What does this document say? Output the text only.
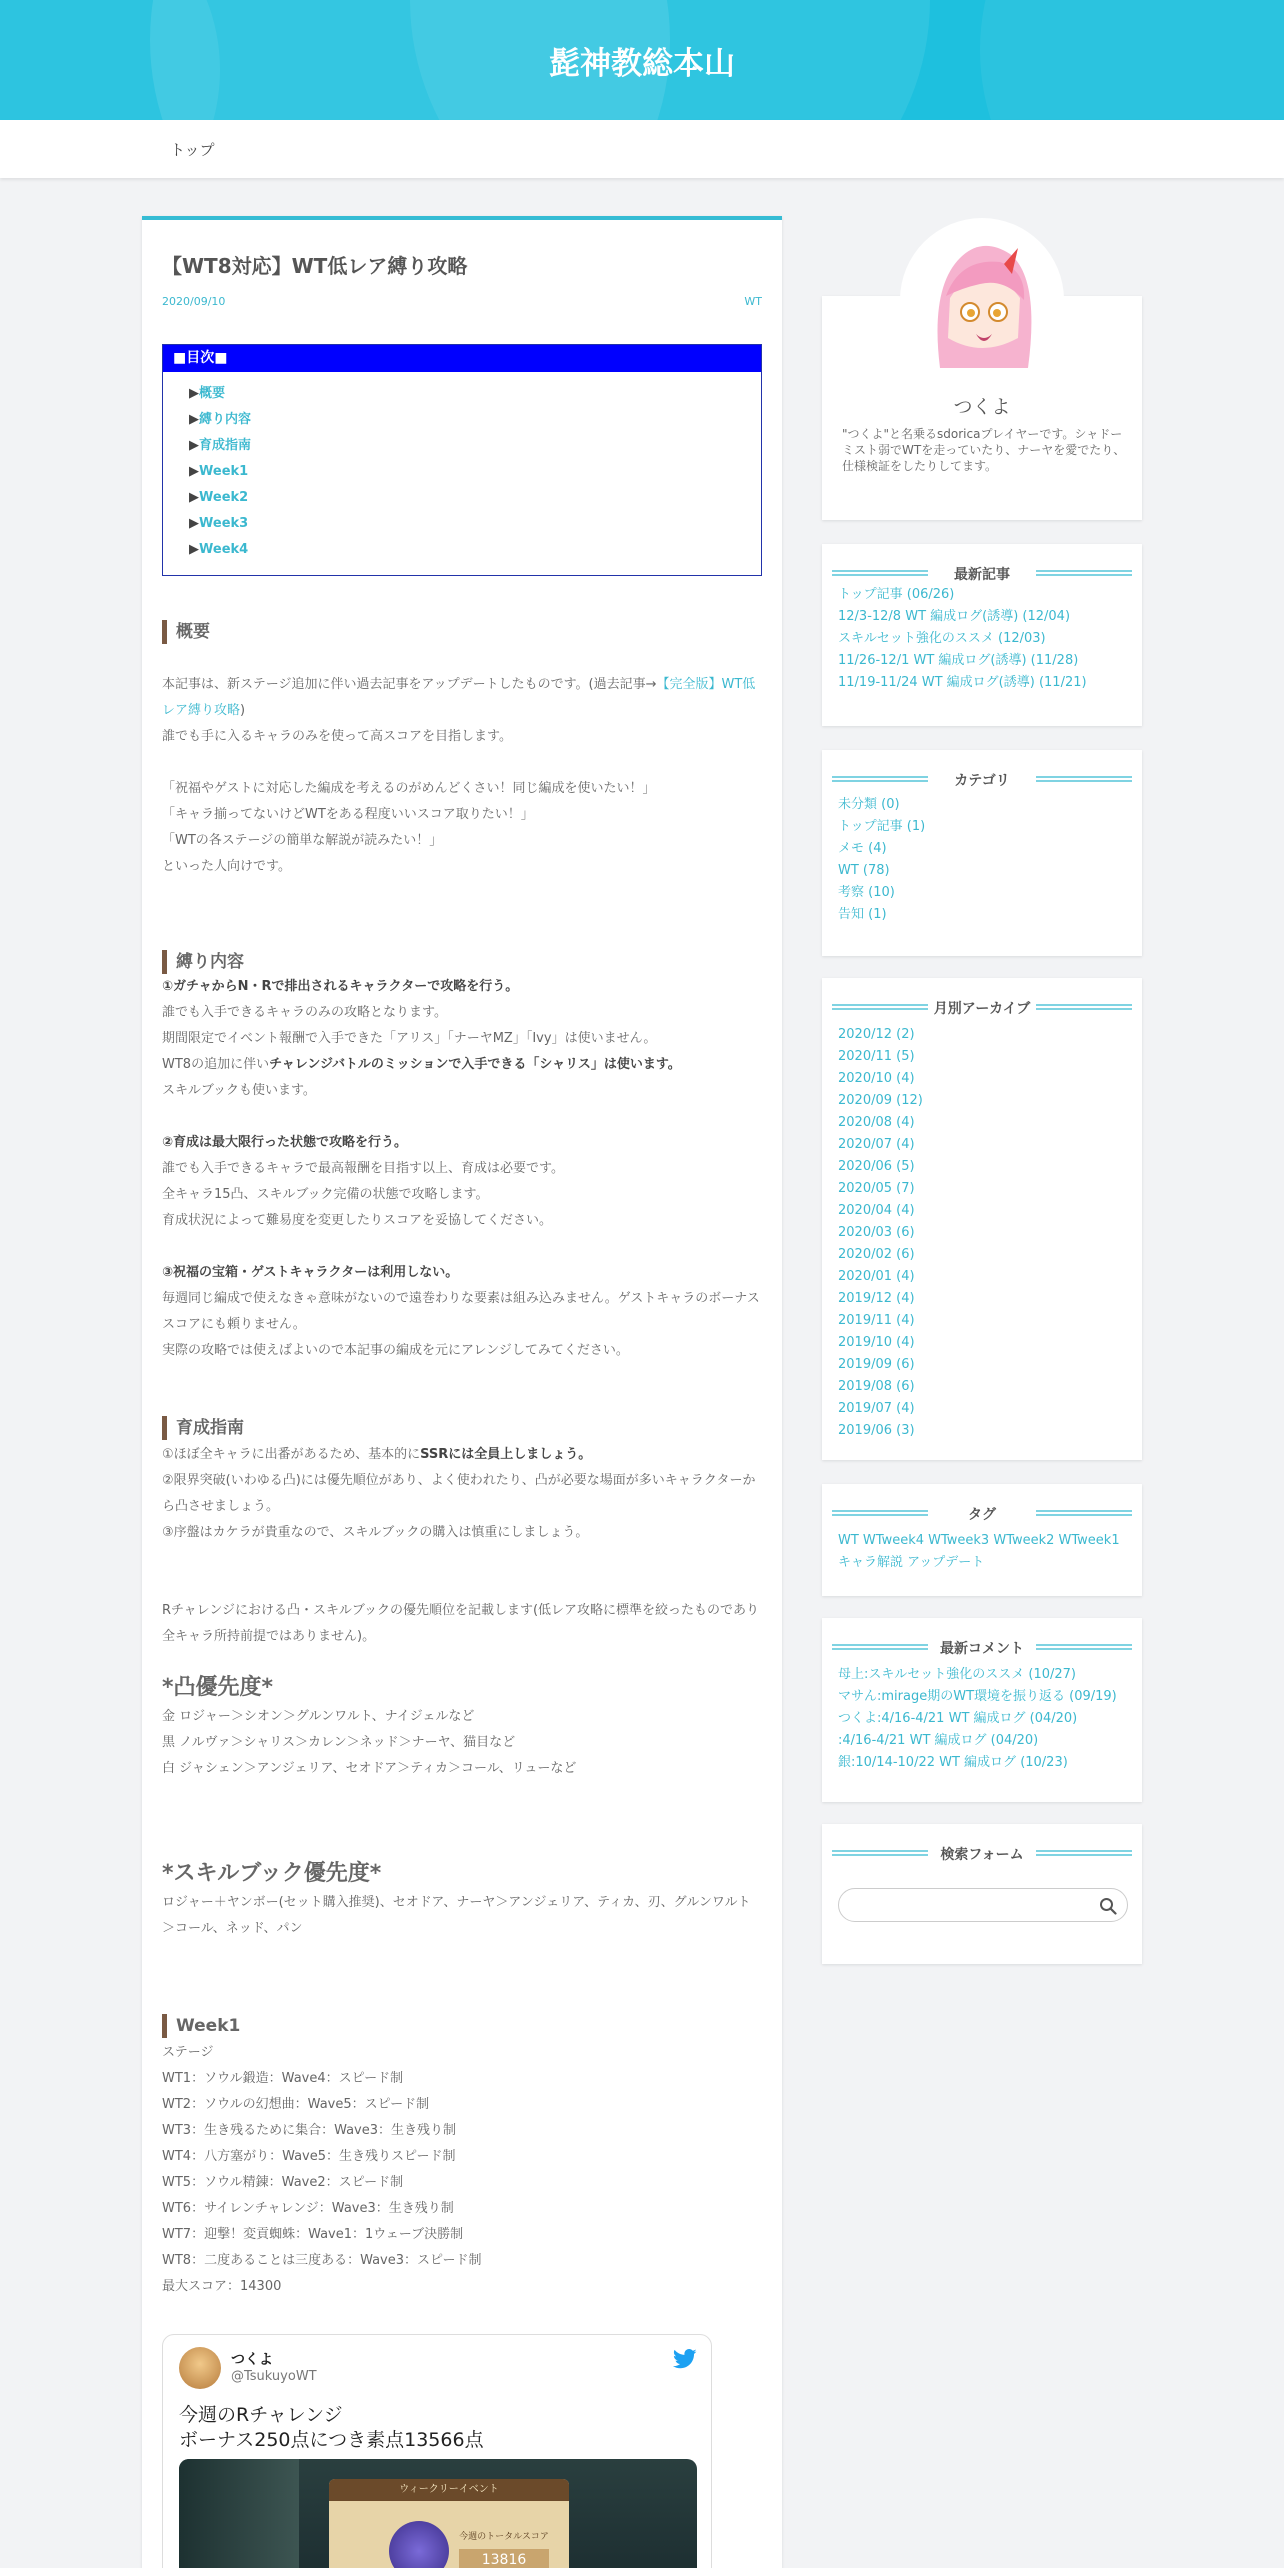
髭神教総本山
トップ
【WT8対応】WT低レア縛り攻略
2020/09/10	WT
■目次■
▶概要
▶縛り内容
▶育成指南
▶Week1
▶Week2
▶Week3
▶Week4
概要
本記事は、新ステージ追加に伴い過去記事をアップデートしたものです。(過去記事→【完全版】WT低レア縛り攻略)
誰でも手に入るキャラのみを使って高スコアを目指します。
「祝福やゲストに対応した編成を考えるのがめんどくさい！同じ編成を使いたい！」
「キャラ揃ってないけどWTをある程度いいスコア取りたい！」
「WTの各ステージの簡単な解説が読みたい！」
といった人向けです。
縛り内容
①ガチャからN・Rで排出されるキャラクターで攻略を行う。
誰でも入手できるキャラのみの攻略となります。
期間限定でイベント報酬で入手できた「アリス」「ナーヤMZ」「Ivy」は使いません。
WT8の追加に伴いチャレンジバトルのミッションで入手できる「シャリス」は使います。
スキルブックも使います。

②育成は最大限行った状態で攻略を行う。
誰でも入手できるキャラで最高報酬を目指す以上、育成は必要です。
全キャラ15凸、スキルブック完備の状態で攻略します。
育成状況によって難易度を変更したりスコアを妥協してください。

③祝福の宝箱・ゲストキャラクターは利用しない。
毎週同じ編成で使えなきゃ意味がないので遠巻わりな要素は組み込みません。ゲストキャラのボーナススコアにも頼りません。
実際の攻略では使えばよいので本記事の編成を元にアレンジしてみてください。
育成指南
①ほぼ全キャラに出番があるため、基本的にSSRには全員上しましょう。
②限界突破(いわゆる凸)には優先順位があり、よく使われたり、凸が必要な場面が多いキャラクターから凸させましょう。
③序盤はカケラが貴重なので、スキルブックの購入は慎重にしましょう。
Rチャレンジにおける凸・スキルブックの優先順位を記載します(低レア攻略に標準を絞ったものであり全キャラ所持前提ではありません)。
*凸優先度*
金 ロジャー＞シオン＞グルンワルト、ナイジェルなど
黒 ノルヴァ＞シャリス＞カレン＞ネッド＞ナーヤ、猫目など
白 ジャシェン＞アンジェリア、セオドア＞ティカ＞コール、リューなど
*スキルブック優先度*
ロジャー＋ヤンボー(セット購入推奨)、セオドア、ナーヤ＞アンジェリア、ティカ、刃、グルンワルト＞コール、ネッド、パン
Week1
ステージ
WT1：ソウル鍛造：Wave4：スピード制
WT2：ソウルの幻想曲：Wave5：スピード制
WT3：生き残るために集合：Wave3：生き残り制
WT4：八方塞がり：Wave5：生き残りスピード制
WT5：ソウル精錬：Wave2：スピード制
WT6：サイレンチャレンジ：Wave3：生き残り制
WT7：迎撃！変貢蜘蛛：Wave1：1ウェーブ決勝制
WT8：二度あることは三度ある：Wave3：スピード制
最大スコア：14300
つくよ
@TsukuyoWT
今週のRチャレンジ
ボーナス250点につき素点13566点
ウィークリーイベント
今週のトータルスコア
13816
つくよ
"つくよ"と名乗るsdoricaプレイヤーです。シャドーミスト弱でWTを走っていたり、ナーヤを愛でたり、仕様検証をしたりしてます。
最新記事
トップ記事 (06/26)
12/3-12/8 WT 編成ログ(誘導) (12/04)
スキルセット強化のススメ (12/03)
11/26-12/1 WT 編成ログ(誘導) (11/28)
11/19-11/24 WT 編成ログ(誘導) (11/21)
カテゴリ
未分類 (0)
トップ記事 (1)
メモ (4)
WT (78)
考察 (10)
告知 (1)
月別アーカイブ
2020/12 (2)
2020/11 (5)
2020/10 (4)
2020/09 (12)
2020/08 (4)
2020/07 (4)
2020/06 (5)
2020/05 (7)
2020/04 (4)
2020/03 (6)
2020/02 (6)
2020/01 (4)
2019/12 (4)
2019/11 (4)
2019/10 (4)
2019/09 (6)
2019/08 (6)
2019/07 (4)
2019/06 (3)
タグ
WT WTweek4 WTweek3 WTweek2 WTweek1 キャラ解説 アップデート
最新コメント
母上:スキルセット強化のススメ (10/27)
マサん:mirage期のWT環境を振り返る (09/19)
つくよ:4/16-4/21 WT 編成ログ (04/20)
:4/16-4/21 WT 編成ログ (04/20)
銀:10/14-10/22 WT 編成ログ (10/23)
検索フォーム
